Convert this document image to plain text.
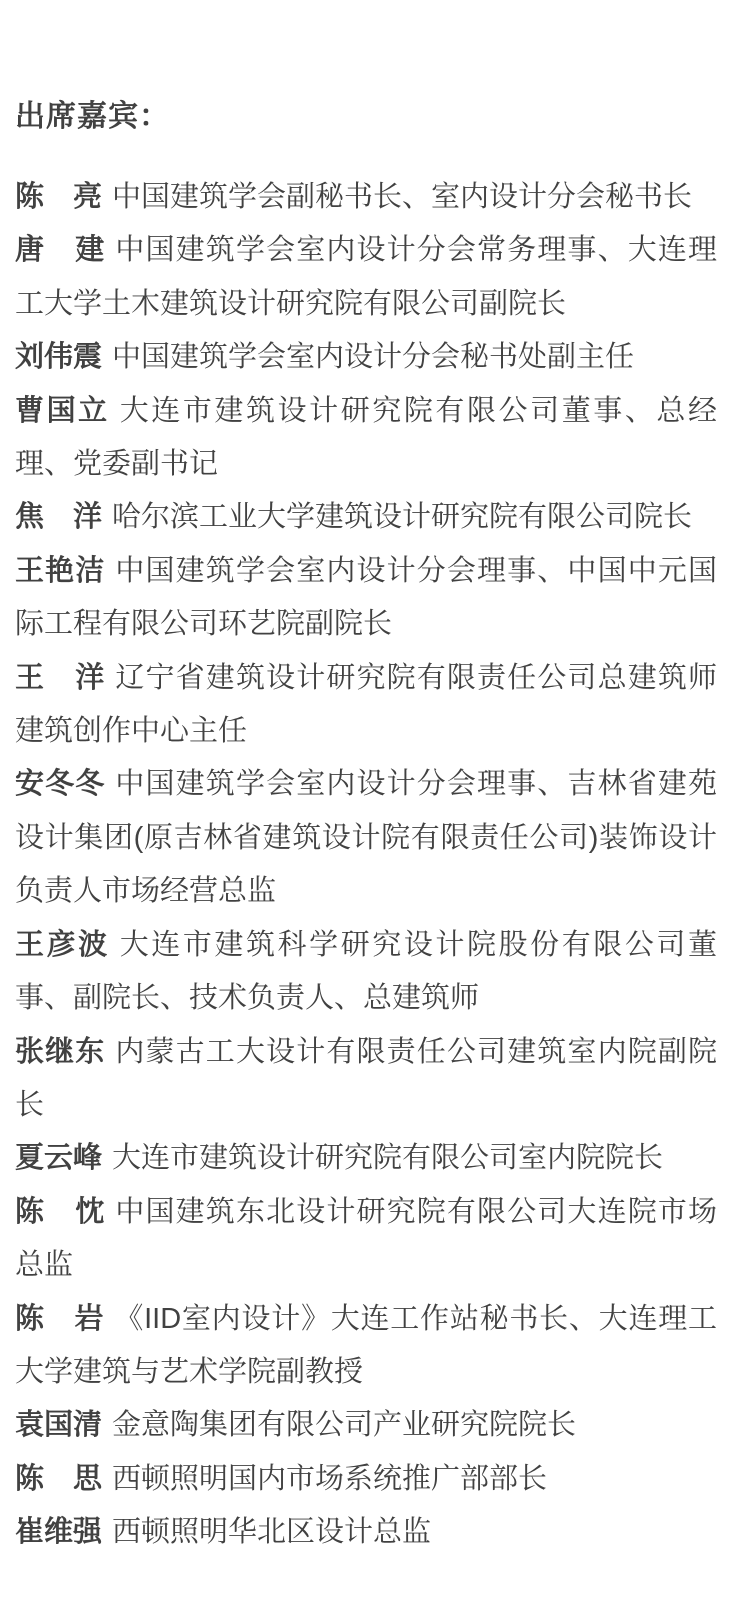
出席嘉宾：

陈　亮 中国建筑学会副秘书长、室内设计分会秘书长

唐　建 中国建筑学会室内设计分会常务理事、大连理工大学土木建筑设计研究院有限公司副院长

刘伟震 中国建筑学会室内设计分会秘书处副主任

曹国立 大连市建筑设计研究院有限公司董事、总经理、党委副书记

焦　洋 哈尔滨工业大学建筑设计研究院有限公司院长

王艳洁 中国建筑学会室内设计分会理事、中国中元国际工程有限公司环艺院副院长

王　洋 辽宁省建筑设计研究院有限责任公司总建筑师建筑创作中心主任

安冬冬 中国建筑学会室内设计分会理事、吉林省建苑设计集团(原吉林省建筑设计院有限责任公司)装饰设计负责人市场经营总监

王彦波 大连市建筑科学研究设计院股份有限公司董事、副院长、技术负责人、总建筑师

张继东 内蒙古工大设计有限责任公司建筑室内院副院长

夏云峰 大连市建筑设计研究院有限公司室内院院长

陈　忱 中国建筑东北设计研究院有限公司大连院市场总监

陈　岩 《IID室内设计》大连工作站秘书长、大连理工大学建筑与艺术学院副教授

袁国清 金意陶集团有限公司产业研究院院长

陈　思 西顿照明国内市场系统推广部部长

崔维强 西顿照明华北区设计总监
